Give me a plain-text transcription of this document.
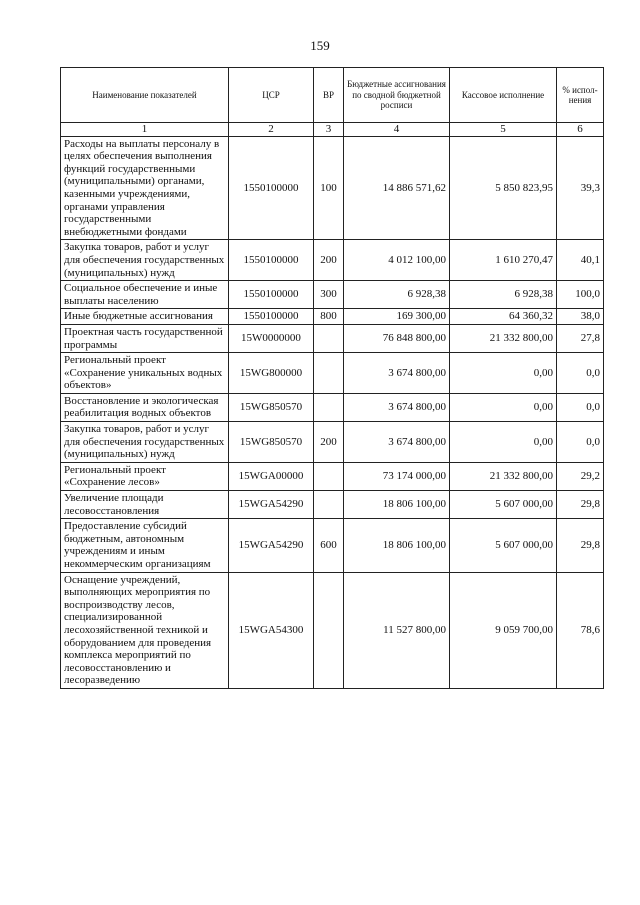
159
Наименование показателей	ЦСР	ВР	Бюджетные ассигнования по сводной бюджетной росписи	Кассовое исполнение	% испол-нения
1	2	3	4	5	6
Расходы на выплаты персоналу в целях обеспечения выполнения функций государственными (муниципальными) органами, казенными учреждениями, органами управления государственными внебюджетными фондами	1550100000	100	14 886 571,62	5 850 823,95	39,3
Закупка товаров, работ и услуг для обеспечения государственных (муниципальных) нужд	1550100000	200	4 012 100,00	1 610 270,47	40,1
Социальное обеспечение и иные выплаты населению	1550100000	300	6 928,38	6 928,38	100,0
Иные бюджетные ассигнования	1550100000	800	169 300,00	64 360,32	38,0
Проектная часть государственной программы	15W0000000		76 848 800,00	21 332 800,00	27,8
Региональный проект «Сохранение уникальных водных объектов»	15WG800000		3 674 800,00	0,00	0,0
Восстановление и экологическая реабилитация водных объектов	15WG850570		3 674 800,00	0,00	0,0
Закупка товаров, работ и услуг для обеспечения государственных (муниципальных) нужд	15WG850570	200	3 674 800,00	0,00	0,0
Региональный проект «Сохранение лесов»	15WGA00000		73 174 000,00	21 332 800,00	29,2
Увеличение площади лесовосстановления	15WGA54290		18 806 100,00	5 607 000,00	29,8
Предоставление субсидий бюджетным, автономным учреждениям и иным некоммерческим организациям	15WGA54290	600	18 806 100,00	5 607 000,00	29,8
Оснащение учреждений, выполняющих мероприятия по воспроизводству лесов, специализированной лесохозяйственной техникой и оборудованием для проведения комплекса мероприятий по лесовосстановлению и лесоразведению	15WGA54300		11 527 800,00	9 059 700,00	78,6
